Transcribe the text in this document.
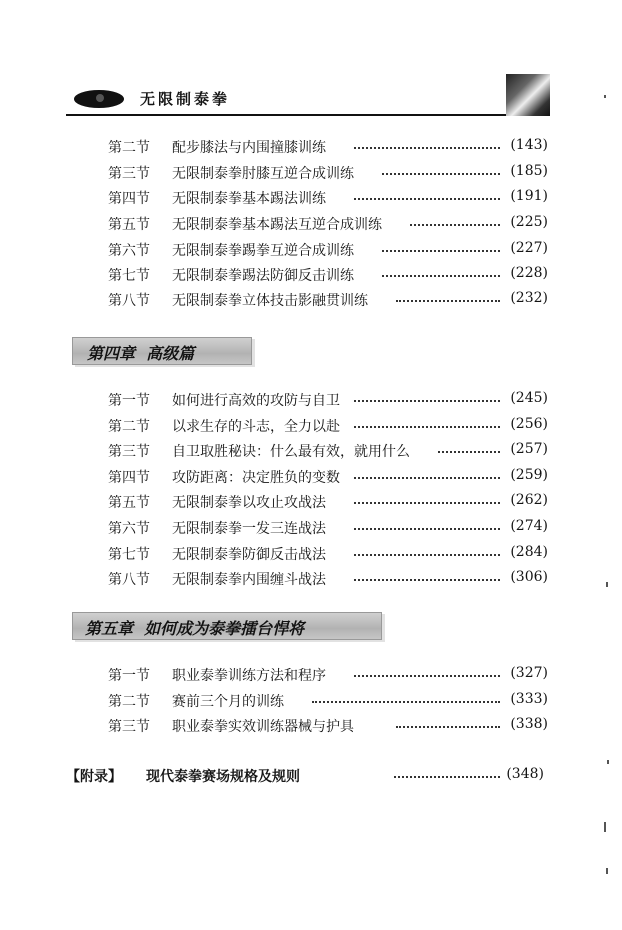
无限制泰拳
第二节 配步膝法与内围撞膝训练	(143)
第三节 无限制泰拳肘膝互逆合成训练	(185)
第四节 无限制泰拳基本踢法训练	(191)
第五节 无限制泰拳基本踢法互逆合成训练	(225)
第六节 无限制泰拳踢拳互逆合成训练	(227)
第七节 无限制泰拳踢法防御反击训练	(228)
第八节 无限制泰拳立体技击影融贯训练	(232)
第四章  高级篇
第一节 如何进行高效的攻防与自卫	(245)
第二节 以求生存的斗志，全力以赴	(256)
第三节 自卫取胜秘诀：什么最有效，就用什么	(257)
第四节 攻防距离：决定胜负的变数	(259)
第五节 无限制泰拳以攻止攻战法	(262)
第六节 无限制泰拳一发三连战法	(274)
第七节 无限制泰拳防御反击战法	(284)
第八节 无限制泰拳内围缠斗战法	(306)
第五章  如何成为泰拳擂台悍将
第一节 职业泰拳训练方法和程序	(327)
第二节 赛前三个月的训练	(333)
第三节 职业泰拳实效训练器械与护具	(338)
【附录】 现代泰拳赛场规格及规则	(348)
